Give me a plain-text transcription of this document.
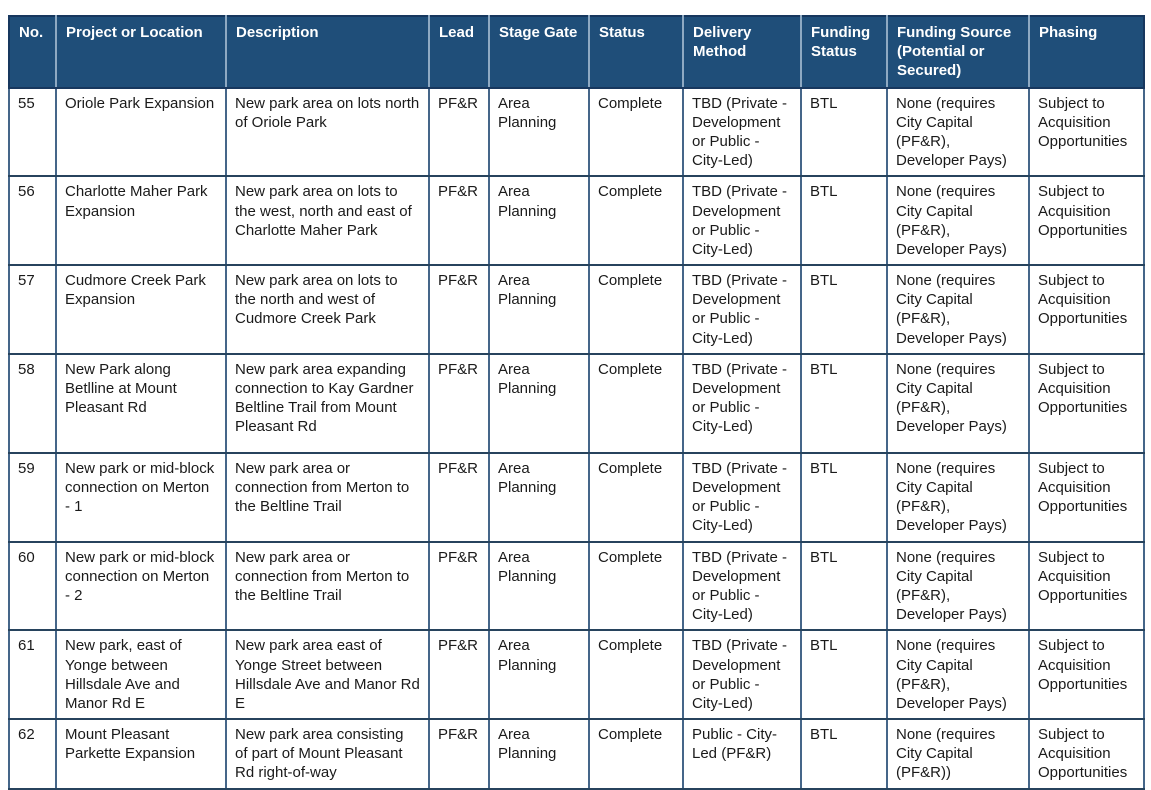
No.	Project or Location	Description	Lead	Stage Gate	Status	Delivery Method	Funding Status	Funding Source (Potential or Secured)	Phasing
55	Oriole Park Expansion	New park area on lots north of Oriole Park	PF&R	Area Planning	Complete	TBD (Private - Development or Public - City-Led)	BTL	None (requires City Capital (PF&R), Developer Pays)	Subject to Acquisition Opportunities
56	Charlotte Maher Park Expansion	New park area on lots to the west, north and east of Charlotte Maher Park	PF&R	Area Planning	Complete	TBD (Private - Development or Public - City-Led)	BTL	None (requires City Capital (PF&R), Developer Pays)	Subject to Acquisition Opportunities
57	Cudmore Creek Park Expansion	New park area on lots to the north and west of Cudmore Creek Park	PF&R	Area Planning	Complete	TBD (Private - Development or Public - City-Led)	BTL	None (requires City Capital (PF&R), Developer Pays)	Subject to Acquisition Opportunities
58	New Park along Betlline at Mount Pleasant Rd	New park area expanding connection to Kay Gardner Beltline Trail from Mount Pleasant Rd	PF&R	Area Planning	Complete	TBD (Private - Development or Public - City-Led)	BTL	None (requires City Capital (PF&R), Developer Pays)	Subject to Acquisition Opportunities
59	New park or mid-block connection on Merton - 1	New park area or connection from Merton to the Beltline Trail	PF&R	Area Planning	Complete	TBD (Private - Development or Public - City-Led)	BTL	None (requires City Capital (PF&R), Developer Pays)	Subject to Acquisition Opportunities
60	New park or mid-block connection on Merton - 2	New park area or connection from Merton to the Beltline Trail	PF&R	Area Planning	Complete	TBD (Private - Development or Public - City-Led)	BTL	None (requires City Capital (PF&R), Developer Pays)	Subject to Acquisition Opportunities
61	New park, east of Yonge between Hillsdale Ave and Manor Rd E	New park area east of Yonge Street between Hillsdale Ave and Manor Rd E	PF&R	Area Planning	Complete	TBD (Private - Development or Public - City-Led)	BTL	None (requires City Capital (PF&R), Developer Pays)	Subject to Acquisition Opportunities
62	Mount Pleasant Parkette Expansion	New park area consisting of part of Mount Pleasant Rd right-of-way	PF&R	Area Planning	Complete	Public - City-Led (PF&R)	BTL	None (requires City Capital (PF&R))	Subject to Acquisition Opportunities
